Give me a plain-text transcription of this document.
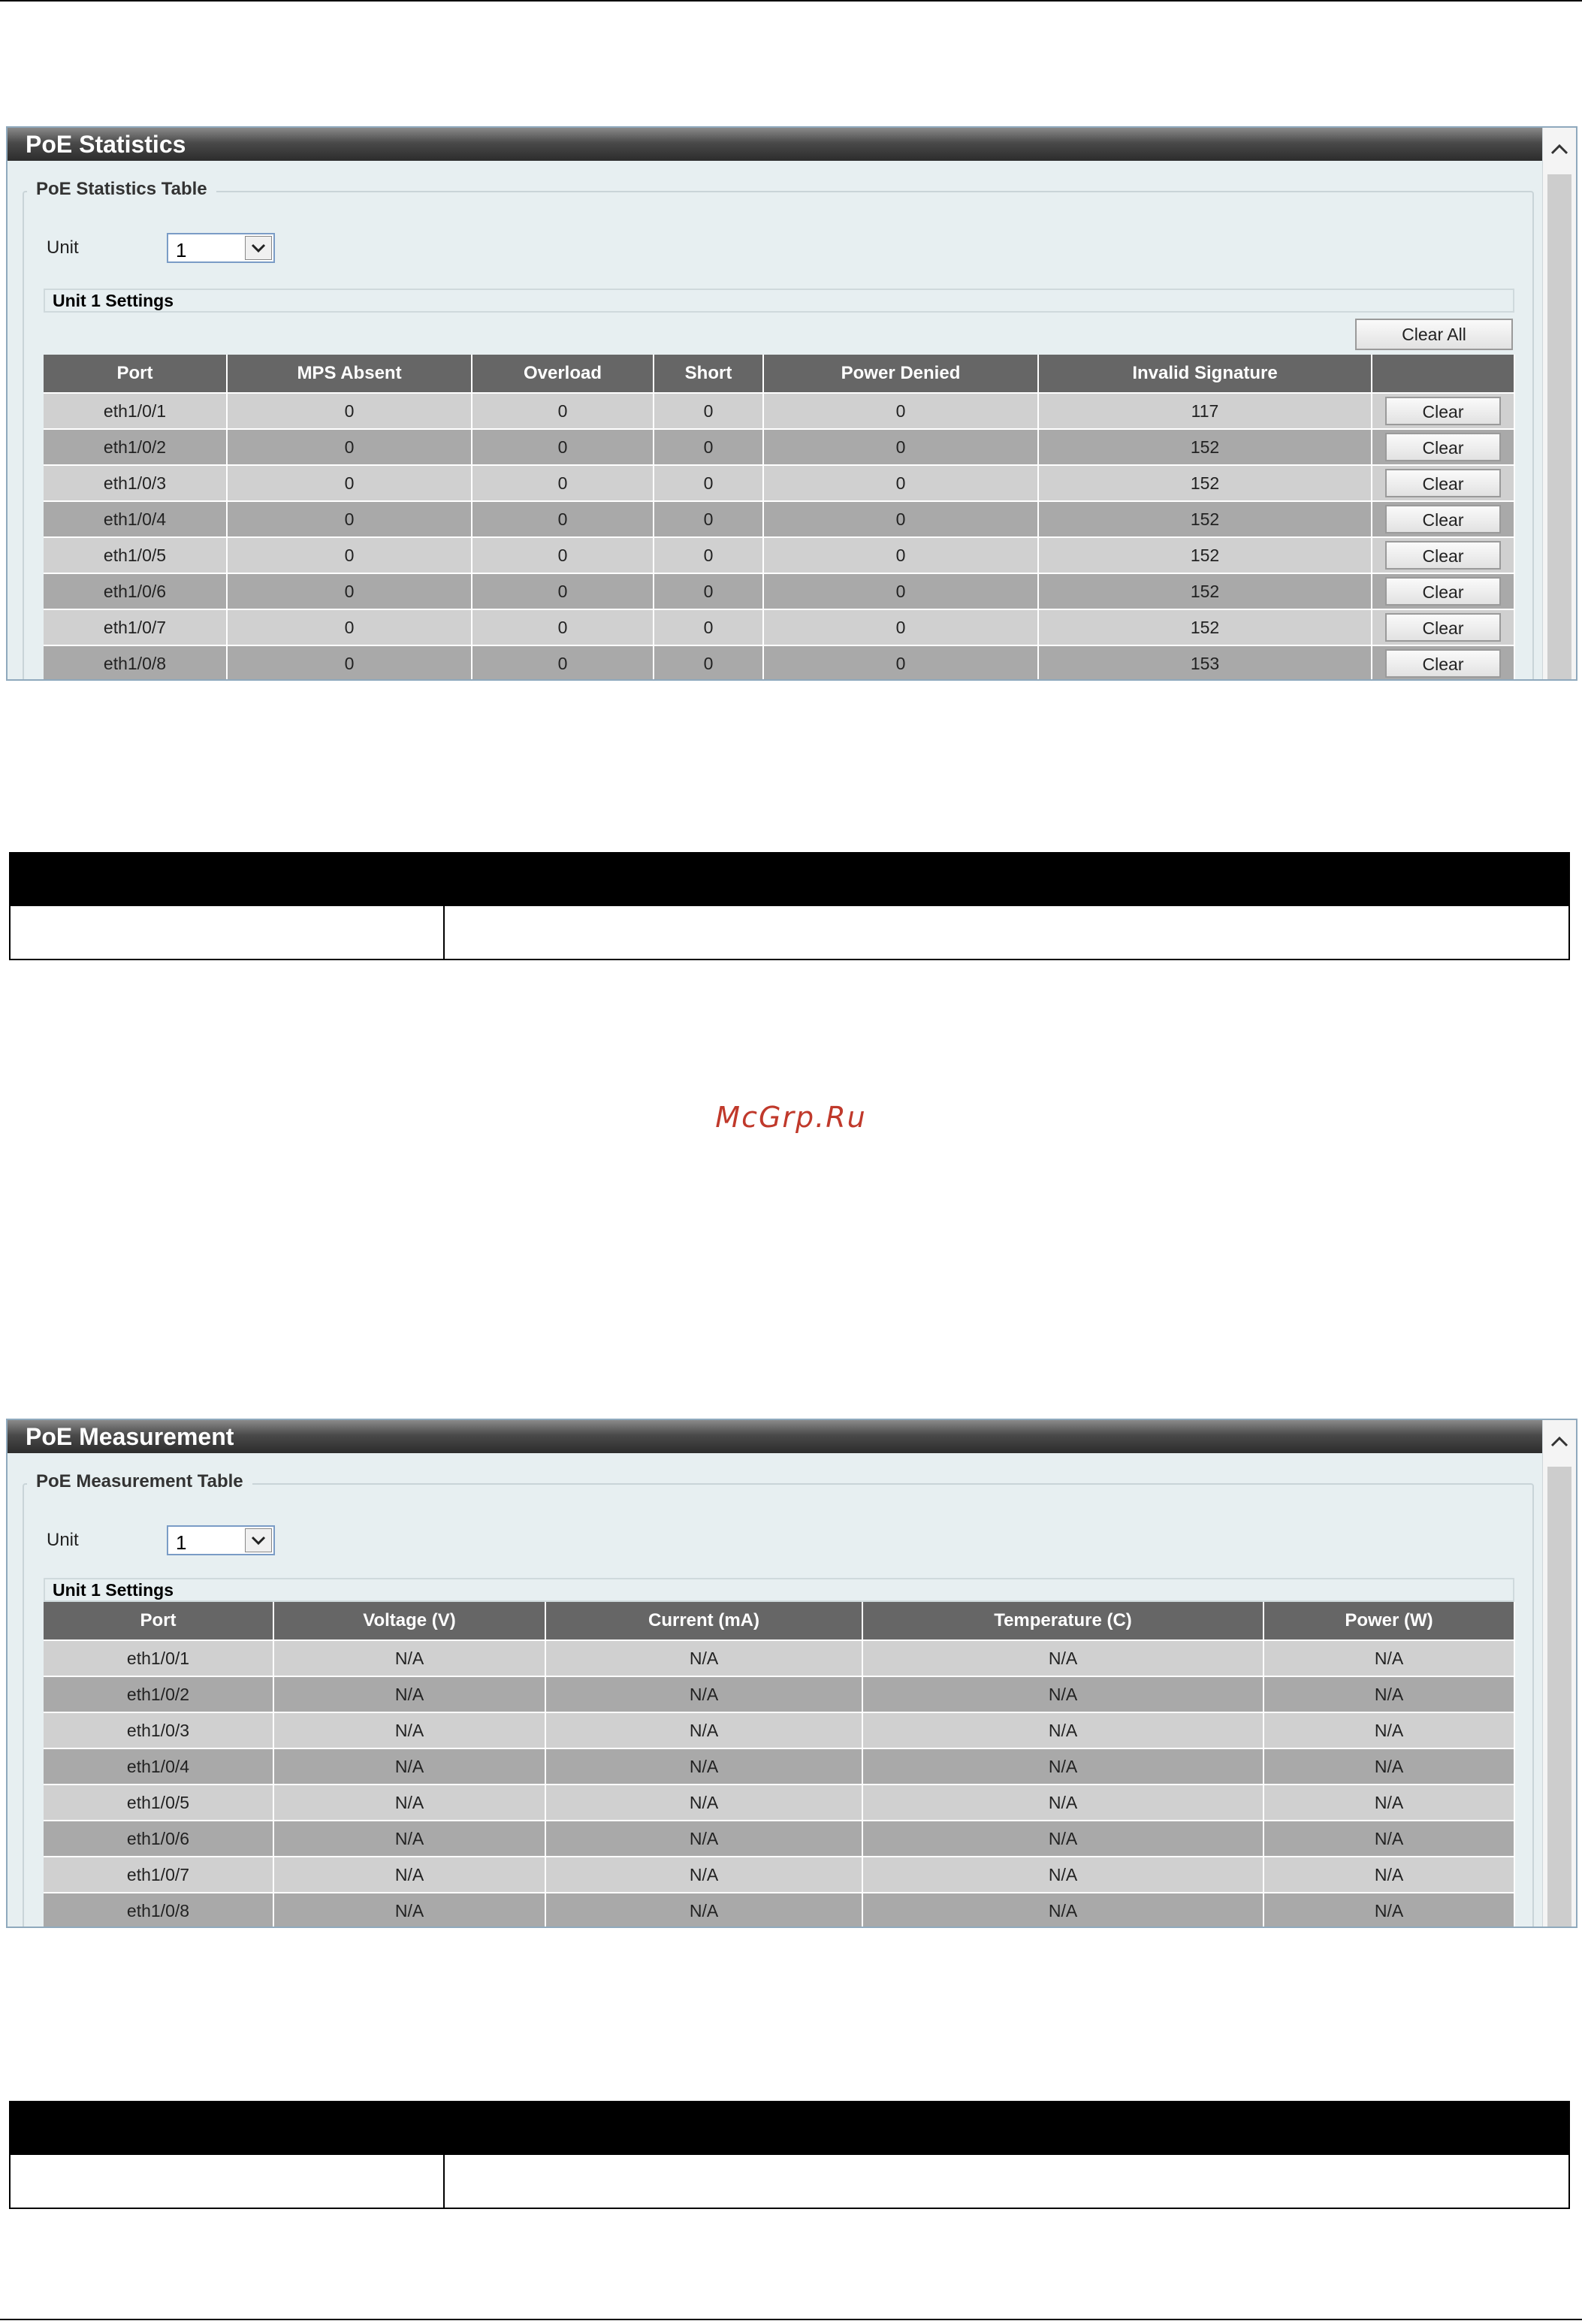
PoE Statistics
PoE Statistics Table
Unit	1
Unit 1 Settings
Clear All
Port	MPS Absent	Overload	Short	Power Denied	Invalid Signature	
eth1/0/1	0	0	0	0	117	Clear
eth1/0/2	0	0	0	0	152	Clear
eth1/0/3	0	0	0	0	152	Clear
eth1/0/4	0	0	0	0	152	Clear
eth1/0/5	0	0	0	0	152	Clear
eth1/0/6	0	0	0	0	152	Clear
eth1/0/7	0	0	0	0	152	Clear
eth1/0/8	0	0	0	0	153	Clear
McGrp.Ru
PoE Measurement
PoE Measurement Table
Unit	1
Unit 1 Settings
Port	Voltage (V)	Current (mA)	Temperature (C)	Power (W)
eth1/0/1	N/A	N/A	N/A	N/A
eth1/0/2	N/A	N/A	N/A	N/A
eth1/0/3	N/A	N/A	N/A	N/A
eth1/0/4	N/A	N/A	N/A	N/A
eth1/0/5	N/A	N/A	N/A	N/A
eth1/0/6	N/A	N/A	N/A	N/A
eth1/0/7	N/A	N/A	N/A	N/A
eth1/0/8	N/A	N/A	N/A	N/A
